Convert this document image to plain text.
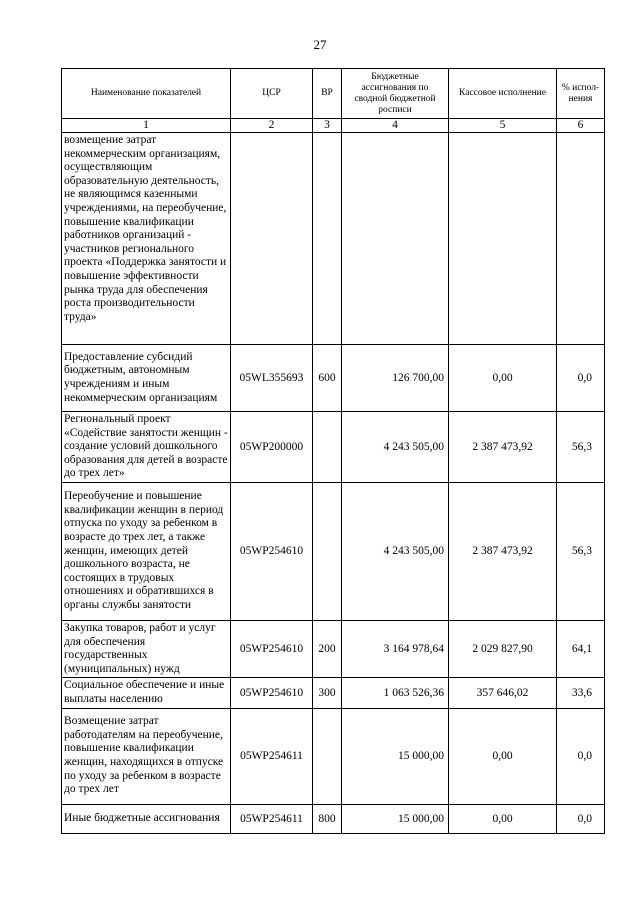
27
Наименование показателей	ЦСР	ВР	Бюджетные ассигнования по сводной бюджетной росписи	Кассовое исполнение	% испол-нения
1	2	3	4	5	6
возмещение затрат некоммерческим организациям, осуществляющим образовательную деятельность, не являющимся казенными учреждениями, на переобучение, повышение квалификации работников организаций - участников регионального проекта «Поддержка занятости и повышение эффективности рынка труда для обеспечения роста производительности труда»					
Предоставление субсидий бюджетным, автономным учреждениям и иным некоммерческим организациям	05WL355693	600	126 700,00	0,00	0,0
Региональный проект «Содействие занятости женщин - создание условий дошкольного образования для детей в возрасте до трех лет»	05WP200000		4 243 505,00	2 387 473,92	56,3
Переобучение и повышение квалификации женщин в период отпуска по уходу за ребенком в возрасте до трех лет, а также женщин, имеющих детей дошкольного возраста, не состоящих в трудовых отношениях и обратившихся в органы службы занятости	05WP254610		4 243 505,00	2 387 473,92	56,3
Закупка товаров, работ и услуг для обеспечения государственных (муниципальных) нужд	05WP254610	200	3 164 978,64	2 029 827,90	64,1
Социальное обеспечение и иные выплаты населению	05WP254610	300	1 063 526,36	357 646,02	33,6
Возмещение затрат работодателям на переобучение, повышение квалификации женщин, находящихся в отпуске по уходу за ребенком в возрасте до трех лет	05WP254611		15 000,00	0,00	0,0
Иные бюджетные ассигнования	05WP254611	800	15 000,00	0,00	0,0
